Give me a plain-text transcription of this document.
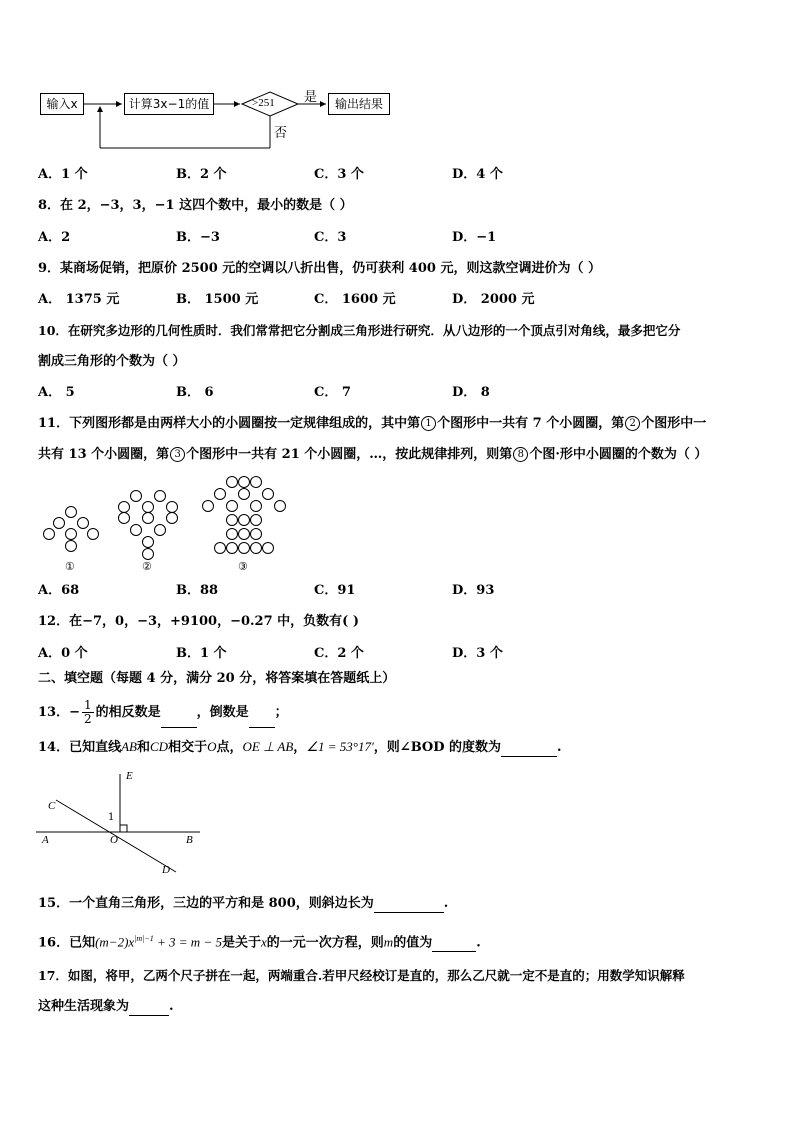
输入x	计算3x−1的值	>251 是
否
输出结果
A．1 个	B．2 个	C．3 个	D．4 个
8．在 2，−3，3，−1 这四个数中，最小的数是（ ）
A．2	B．−3	C．3	D．−1
9．某商场促销，把原价 2500 元的空调以八折出售，仍可获利 400 元，则这款空调进价为（ ）
A． 1375 元	B． 1500 元	C． 1600 元	D． 2000 元
10．在研究多边形的几何性质时．我们常常把它分割成三角形进行研究．从八边形的一个顶点引对角线，最多把它分
割成三角形的个数为（ ）
A． 5	B． 6	C． 7	D． 8
11．下列图形都是由两样大小的小圆圈按一定规律组成的，其中第 1 个图形中一共有 7 个小圆圈，第 2 个图形中一
共有 13 个小圆圈，第 3 个图形中一共有 21 个小圆圈，…，按此规律排列，则第 8 个图·形中小圆圈的个数为（ ）
①	②	③
A．68	B．88	C．91	D．93
12．在−7，0，−3，+9100，−0.27 中，负数有( )
A．0 个	B．1 个	C．2 个	D．3 个
二、填空题（每题 4 分，满分 20 分，将答案填在答题纸上）
13．− $\frac{1}{2}$ 的相反数是	，倒数是 ；
14．已知直线AB和CD相交于O点，OE ⊥ AB，∠1 = 53°17′，则∠BOD 的度数为	.
E
C
1
A	O	B
D
15．一个直角三角形，三边的平方和是 800，则斜边长为	.
16．已知$(m-2)x^{|m|-1} + 3 = m - 5$是关于x的一元一次方程，则m的值为	.
17．如图，将甲，乙两个尺子拼在一起，两端重合.若甲尺经校订是直的，那么乙尺就一定不是直的；用数学知识解释
这种生活现象为	.
